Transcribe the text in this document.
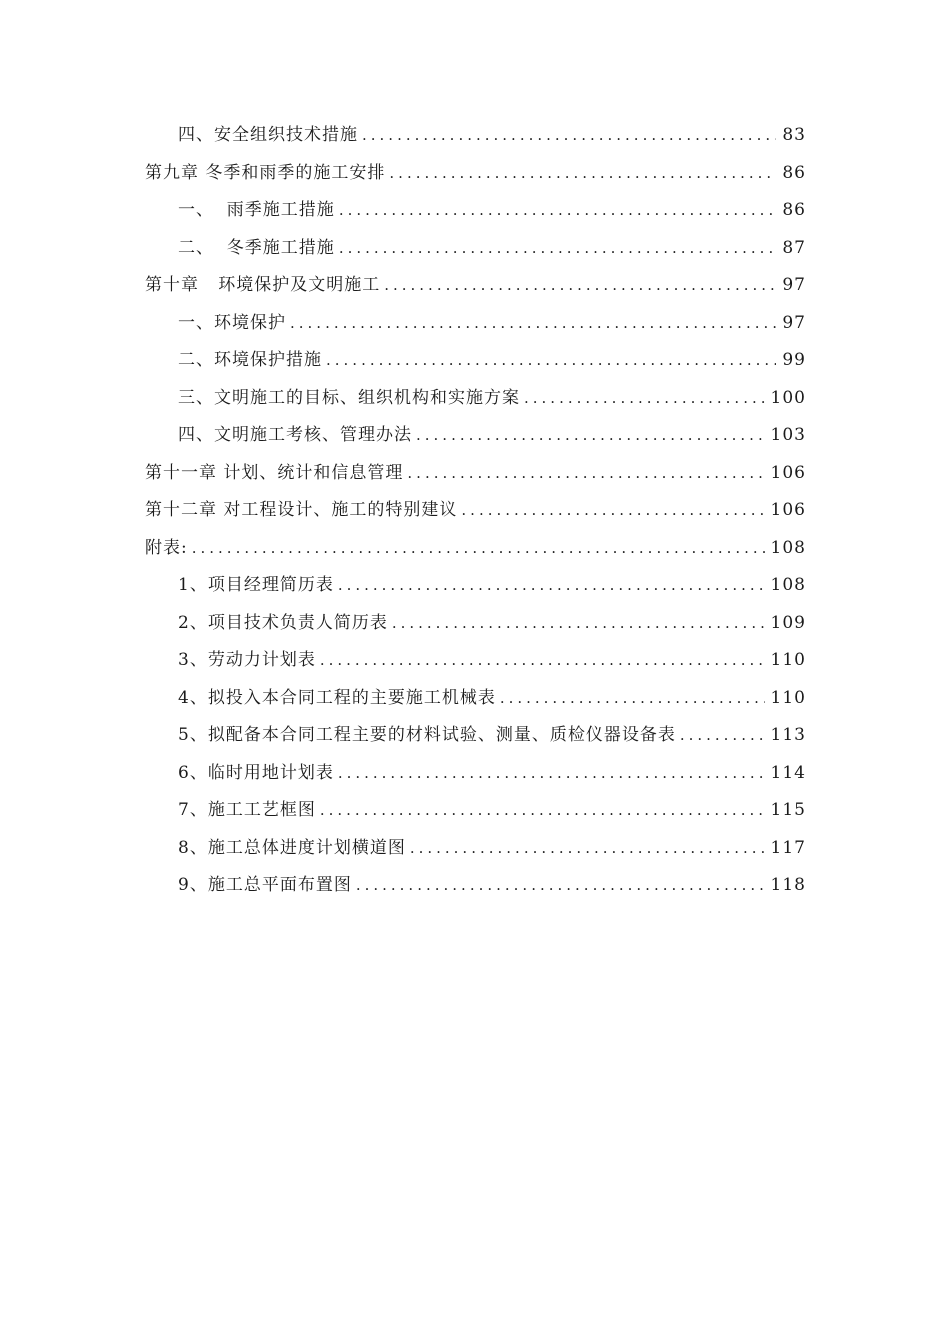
四、安全组织技术措施 .....	83
第九章 冬季和雨季的施工安排 .....	86
一、  雨季施工措施 .....	86
二、  冬季施工措施 .....	87
第十章   环境保护及文明施工 .....	97
一、环境保护 .....	97
二、环境保护措施 .....	99
三、文明施工的目标、组织机构和实施方案 .....	100
四、文明施工考核、管理办法 .....	103
第十一章 计划、统计和信息管理 .....	106
第十二章 对工程设计、施工的特别建议 .....	106
附表: .....	108
1、项目经理简历表 .....	108
2、项目技术负责人简历表 .....	109
3、劳动力计划表 .....	110
4、拟投入本合同工程的主要施工机械表 .....	110
5、拟配备本合同工程主要的材料试验、测量、质检仪器设备表 .....	113
6、临时用地计划表 .....	114
7、施工工艺框图 .....	115
8、施工总体进度计划横道图 .....	117
9、施工总平面布置图 .....	118
